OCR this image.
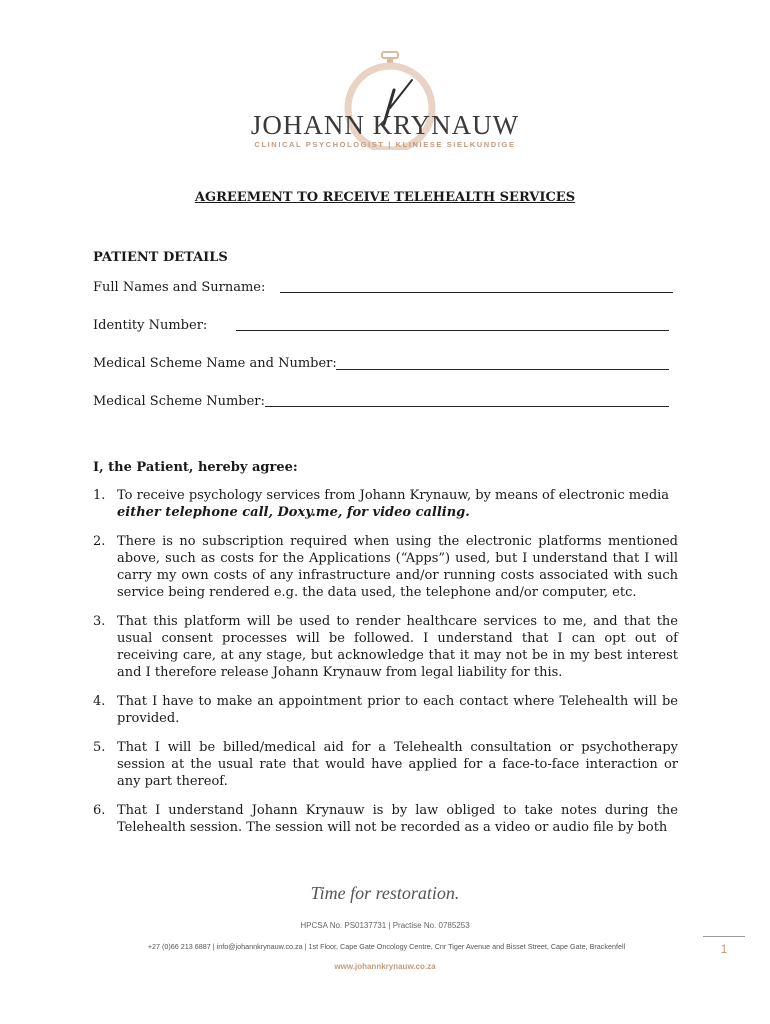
JOHANN KRYNAUW
CLINICAL PSYCHOLOGIST | KLINIESE SIELKUNDIGE
AGREEMENT TO RECEIVE TELEHEALTH SERVICES
PATIENT DETAILS
Full Names and Surname:
Identity Number:
Medical Scheme Name and Number:
Medical Scheme Number:
I, the Patient, hereby agree:
1. To receive psychology services from Johann Krynauw, by means of electronic media
either telephone call, Doxy.me, for video calling.
2. There is no subscription required when using the electronic platforms mentioned above, such as costs for the Applications (“Apps”) used, but I understand that I will carry my own costs of any infrastructure and/or running costs associated with such service being rendered e.g. the data used, the telephone and/or computer, etc.
3. That this platform will be used to render healthcare services to me, and that the usual consent processes will be followed. I understand that I can opt out of receiving care, at any stage, but acknowledge that it may not be in my best interest and I therefore release Johann Krynauw from legal liability for this.
4. That I have to make an appointment prior to each contact where Telehealth will be provided.
5. That I will be billed/medical aid for a Telehealth consultation or psychotherapy session at the usual rate that would have applied for a face-to-face interaction or any part thereof.
6. That I understand Johann Krynauw is by law obliged to take notes during the Telehealth session. The session will not be recorded as a video or audio file by both
Time for restoration.
HPCSA No. PS0137731 | Practise No. 0785253
+27 (0)66 213 6887 | info@johannkrynauw.co.za | 1st Floor, Cape Gate Oncology Centre, Cnr Tiger Avenue and Bisset Street, Cape Gate, Brackenfell
www.johannkrynauw.co.za
1
